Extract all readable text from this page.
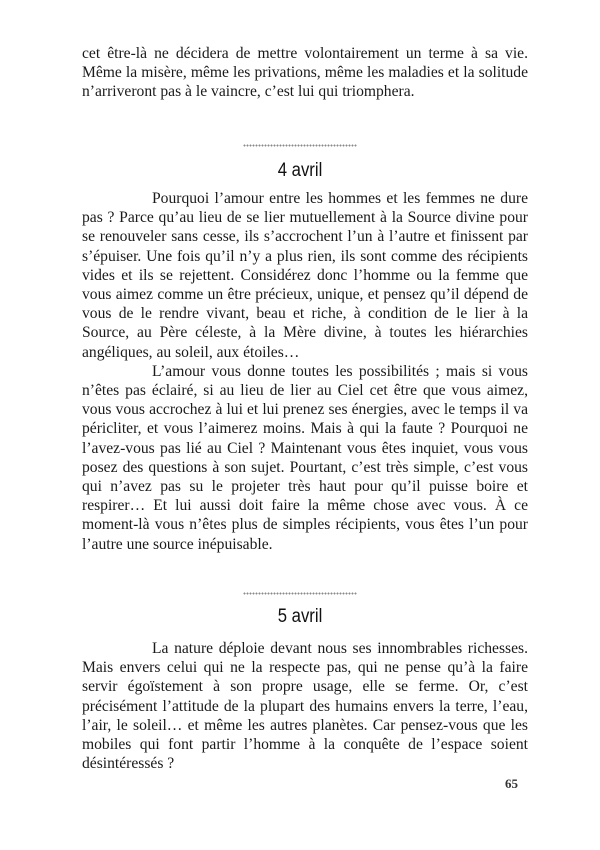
cet être-là ne décidera de mettre volontairement un terme à sa vie. Même la misère, même les privations, même les maladies et la solitude n’arriveront pas à le vaincre, c’est lui qui triomphera.

4 avril

Pourquoi l’amour entre les hommes et les femmes ne dure pas ? Parce qu’au lieu de se lier mutuellement à la Source divine pour se renouveler sans cesse, ils s’accrochent l’un à l’autre et finissent par s’épuiser. Une fois qu’il n’y a plus rien, ils sont comme des récipients vides et ils se rejettent. Considérez donc l’homme ou la femme que vous aimez comme un être précieux, unique, et pensez qu’il dépend de vous de le rendre vivant, beau et riche, à condition de le lier à la Source, au Père céleste, à la Mère divine, à toutes les hiérarchies angéliques, au soleil, aux étoiles…

L’amour vous donne toutes les possibilités ; mais si vous n’êtes pas éclairé, si au lieu de lier au Ciel cet être que vous aimez, vous vous accrochez à lui et lui prenez ses énergies, avec le temps il va péricliter, et vous l’aimerez moins. Mais à qui la faute ? Pourquoi ne l’avez-vous pas lié au Ciel ? Maintenant vous êtes inquiet, vous vous posez des questions à son sujet. Pourtant, c’est très simple, c’est vous qui n’avez pas su le projeter très haut pour qu’il puisse boire et respirer… Et lui aussi doit faire la même chose avec vous. À ce moment-là vous n’êtes plus de simples récipients, vous êtes l’un pour l’autre une source inépuisable.

5 avril

La nature déploie devant nous ses innombrables richesses. Mais envers celui qui ne la respecte pas, qui ne pense qu’à la faire servir égoïstement à son propre usage, elle se ferme. Or, c’est précisément l’attitude de la plupart des humains envers la terre, l’eau, l’air, le soleil… et même les autres planètes. Car pensez-vous que les mobiles qui font partir l’homme à la conquête de l’espace soient désintéressés ?

65
